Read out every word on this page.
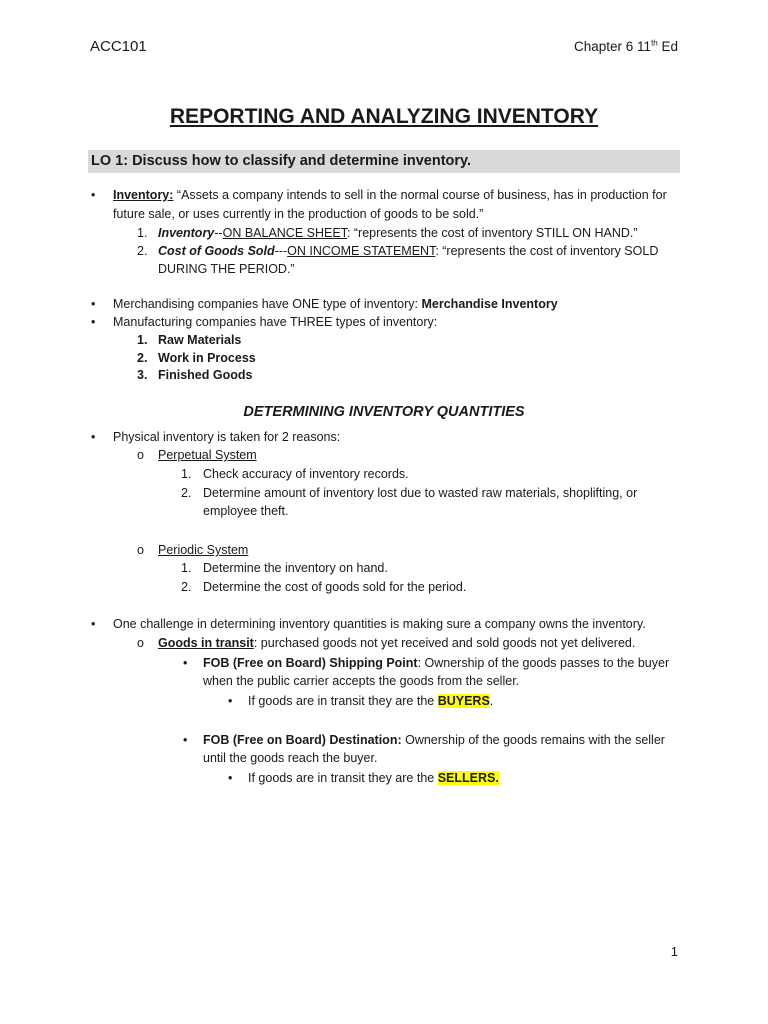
ACC101	Chapter 6 11th Ed
REPORTING AND ANALYZING INVENTORY
LO 1: Discuss how to classify and determine inventory.
• Inventory: “Assets a company intends to sell in the normal course of business, has in production for
future sale, or uses currently in the production of goods to be sold.”
1. Inventory--ON BALANCE SHEET: “represents the cost of inventory STILL ON HAND.”
2. Cost of Goods Sold---ON INCOME STATEMENT: “represents the cost of inventory SOLD
DURING THE PERIOD.”
• Merchandising companies have ONE type of inventory: Merchandise Inventory
• Manufacturing companies have THREE types of inventory:
1. Raw Materials
2. Work in Process
3. Finished Goods
DETERMINING INVENTORY QUANTITIES
• Physical inventory is taken for 2 reasons:
o Perpetual System
1. Check accuracy of inventory records.
2. Determine amount of inventory lost due to wasted raw materials, shoplifting, or
employee theft.
o Periodic System
1. Determine the inventory on hand.
2. Determine the cost of goods sold for the period.
• One challenge in determining inventory quantities is making sure a company owns the inventory.
o Goods in transit: purchased goods not yet received and sold goods not yet delivered.
• FOB (Free on Board) Shipping Point: Ownership of the goods passes to the buyer
when the public carrier accepts the goods from the seller.
• If goods are in transit they are the BUYERS.
• FOB (Free on Board) Destination: Ownership of the goods remains with the seller
until the goods reach the buyer.
• If goods are in transit they are the SELLERS.
1
